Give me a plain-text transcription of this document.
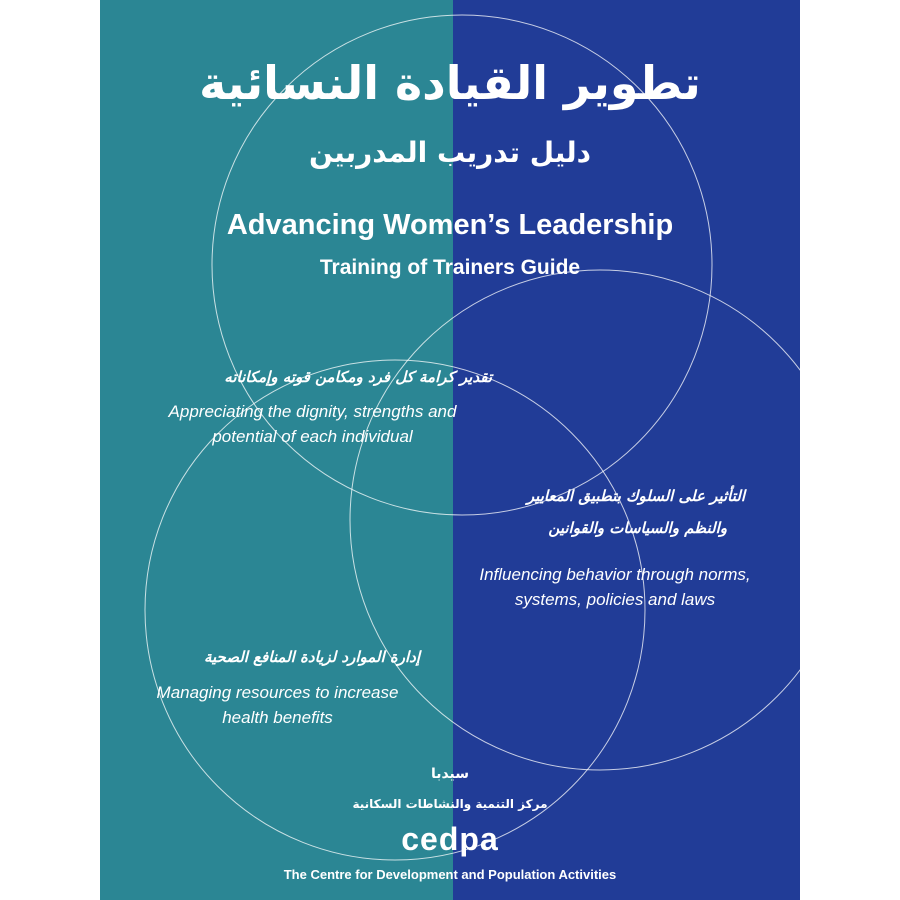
تطوير القيادة النسائية
دليل تدريب المدربين
Advancing Women’s Leadership
Training of Trainers Guide
تقدير كرامة كل فرد ومكامن قوته وإمكاناته
Appreciating the dignity, strengths and
potential of each individual
التأثير على السلوك بتطبيق المعايير
والنظم والسياسات والقوانين
Influencing behavior through norms,
systems, policies and laws
إدارة الموارد لزيادة المنافع الصحية
Managing resources to increase
health benefits
سيدبا
مركز التنمية والنشاطات السكانية
cedpa
The Centre for Development and Population Activities
